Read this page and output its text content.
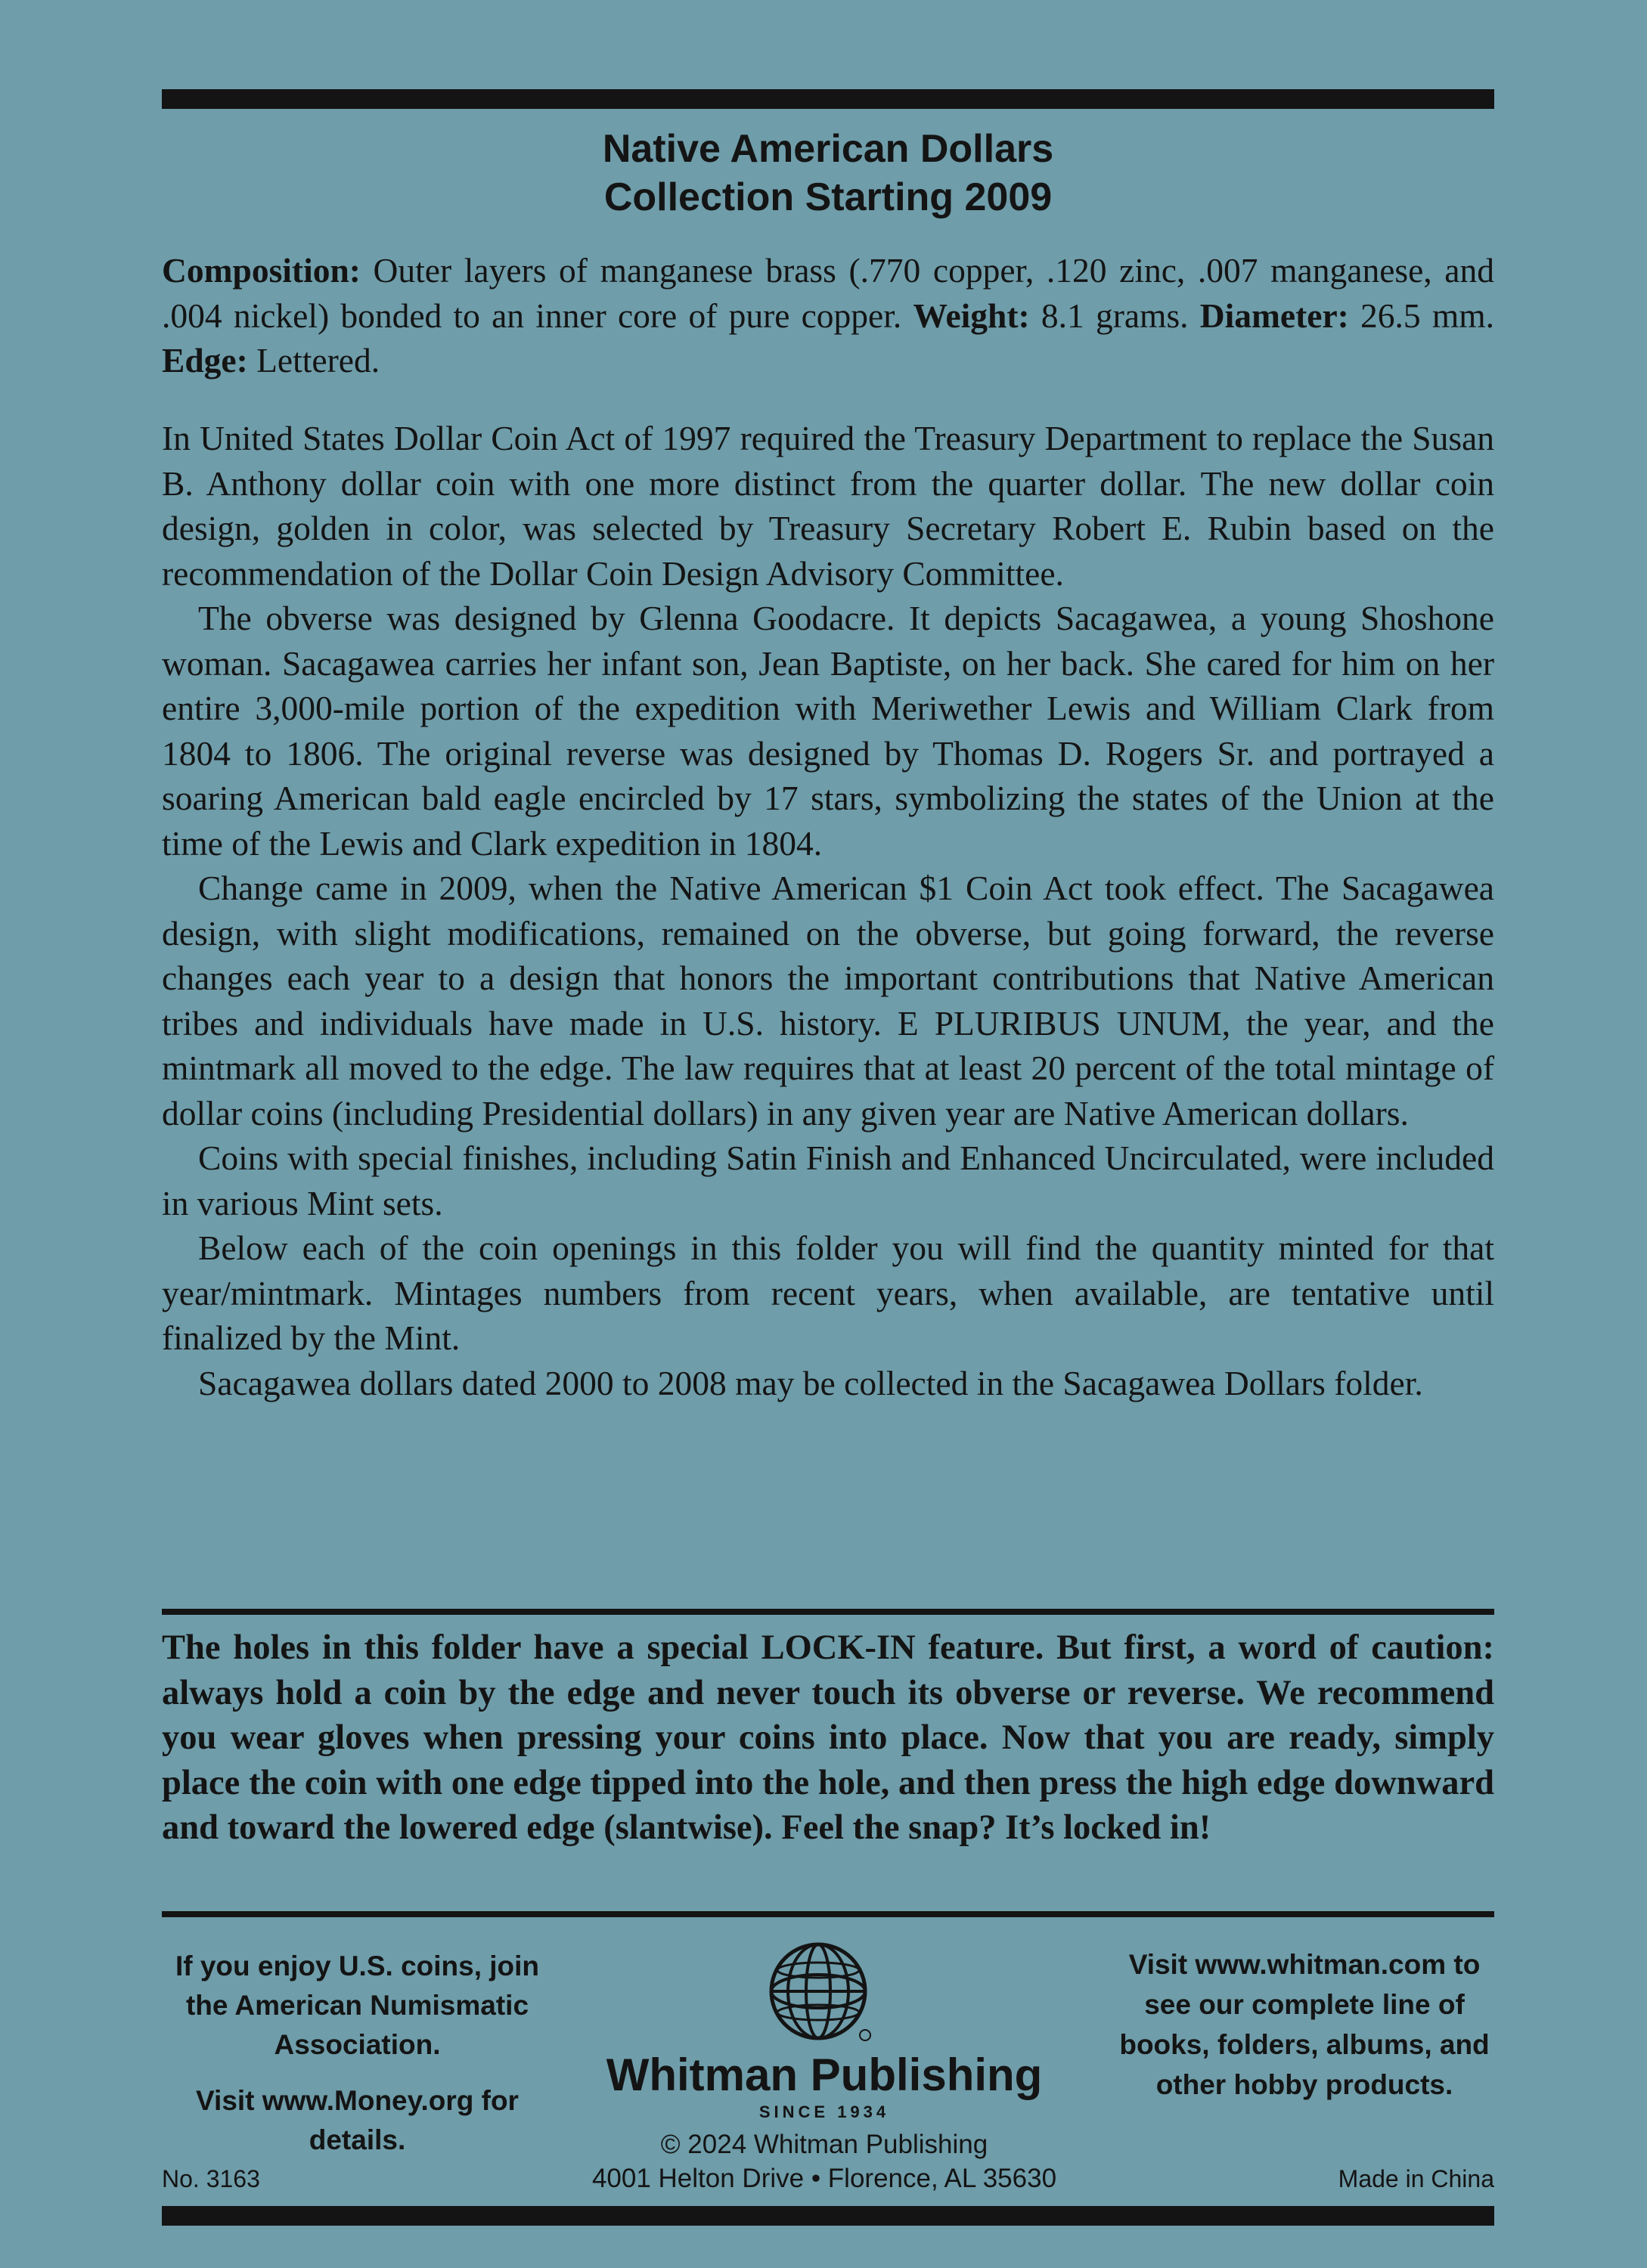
Native American Dollars
Collection Starting 2009

Composition: Outer layers of manganese brass (.770 copper, .120 zinc, .007 manganese, and .004 nickel) bonded to an inner core of pure copper. Weight: 8.1 grams. Diameter: 26.5 mm. Edge: Lettered.

In United States Dollar Coin Act of 1997 required the Treasury Department to replace the Susan B. Anthony dollar coin with one more distinct from the quarter dollar. The new dollar coin design, golden in color, was selected by Treasury Secretary Robert E. Rubin based on the recommendation of the Dollar Coin Design Advisory Committee.

The obverse was designed by Glenna Goodacre. It depicts Sacagawea, a young Shoshone woman. Sacagawea carries her infant son, Jean Baptiste, on her back. She cared for him on her entire 3,000-mile portion of the expedition with Meriwether Lewis and William Clark from 1804 to 1806. The original reverse was designed by Thomas D. Rogers Sr. and portrayed a soaring American bald eagle encircled by 17 stars, symbolizing the states of the Union at the time of the Lewis and Clark expedition in 1804.

Change came in 2009, when the Native American $1 Coin Act took effect. The Sacagawea design, with slight modifications, remained on the obverse, but going forward, the reverse changes each year to a design that honors the important contributions that Native American tribes and individuals have made in U.S. history. E PLURIBUS UNUM, the year, and the mintmark all moved to the edge. The law requires that at least 20 percent of the total mintage of dollar coins (including Presidential dollars) in any given year are Native American dollars.

Coins with special finishes, including Satin Finish and Enhanced Uncirculated, were included in various Mint sets.

Below each of the coin openings in this folder you will find the quantity minted for that year/mintmark. Mintages numbers from recent years, when available, are tentative until finalized by the Mint.

Sacagawea dollars dated 2000 to 2008 may be collected in the Sacagawea Dollars folder.

The holes in this folder have a special LOCK-IN feature. But first, a word of caution: always hold a coin by the edge and never touch its obverse or reverse. We recommend you wear gloves when pressing your coins into place. Now that you are ready, simply place the coin with one edge tipped into the hole, and then press the high edge downward and toward the lowered edge (slantwise). Feel the snap? It’s locked in!

If you enjoy U.S. coins, join the American Numismatic Association.

Visit www.Money.org for details.

Whitman Publishing
SINCE 1934
© 2024 Whitman Publishing
4001 Helton Drive • Florence, AL 35630
Visit www.whitman.com to see our complete line of books, folders, albums, and other hobby products.
No. 3163	Made in China
